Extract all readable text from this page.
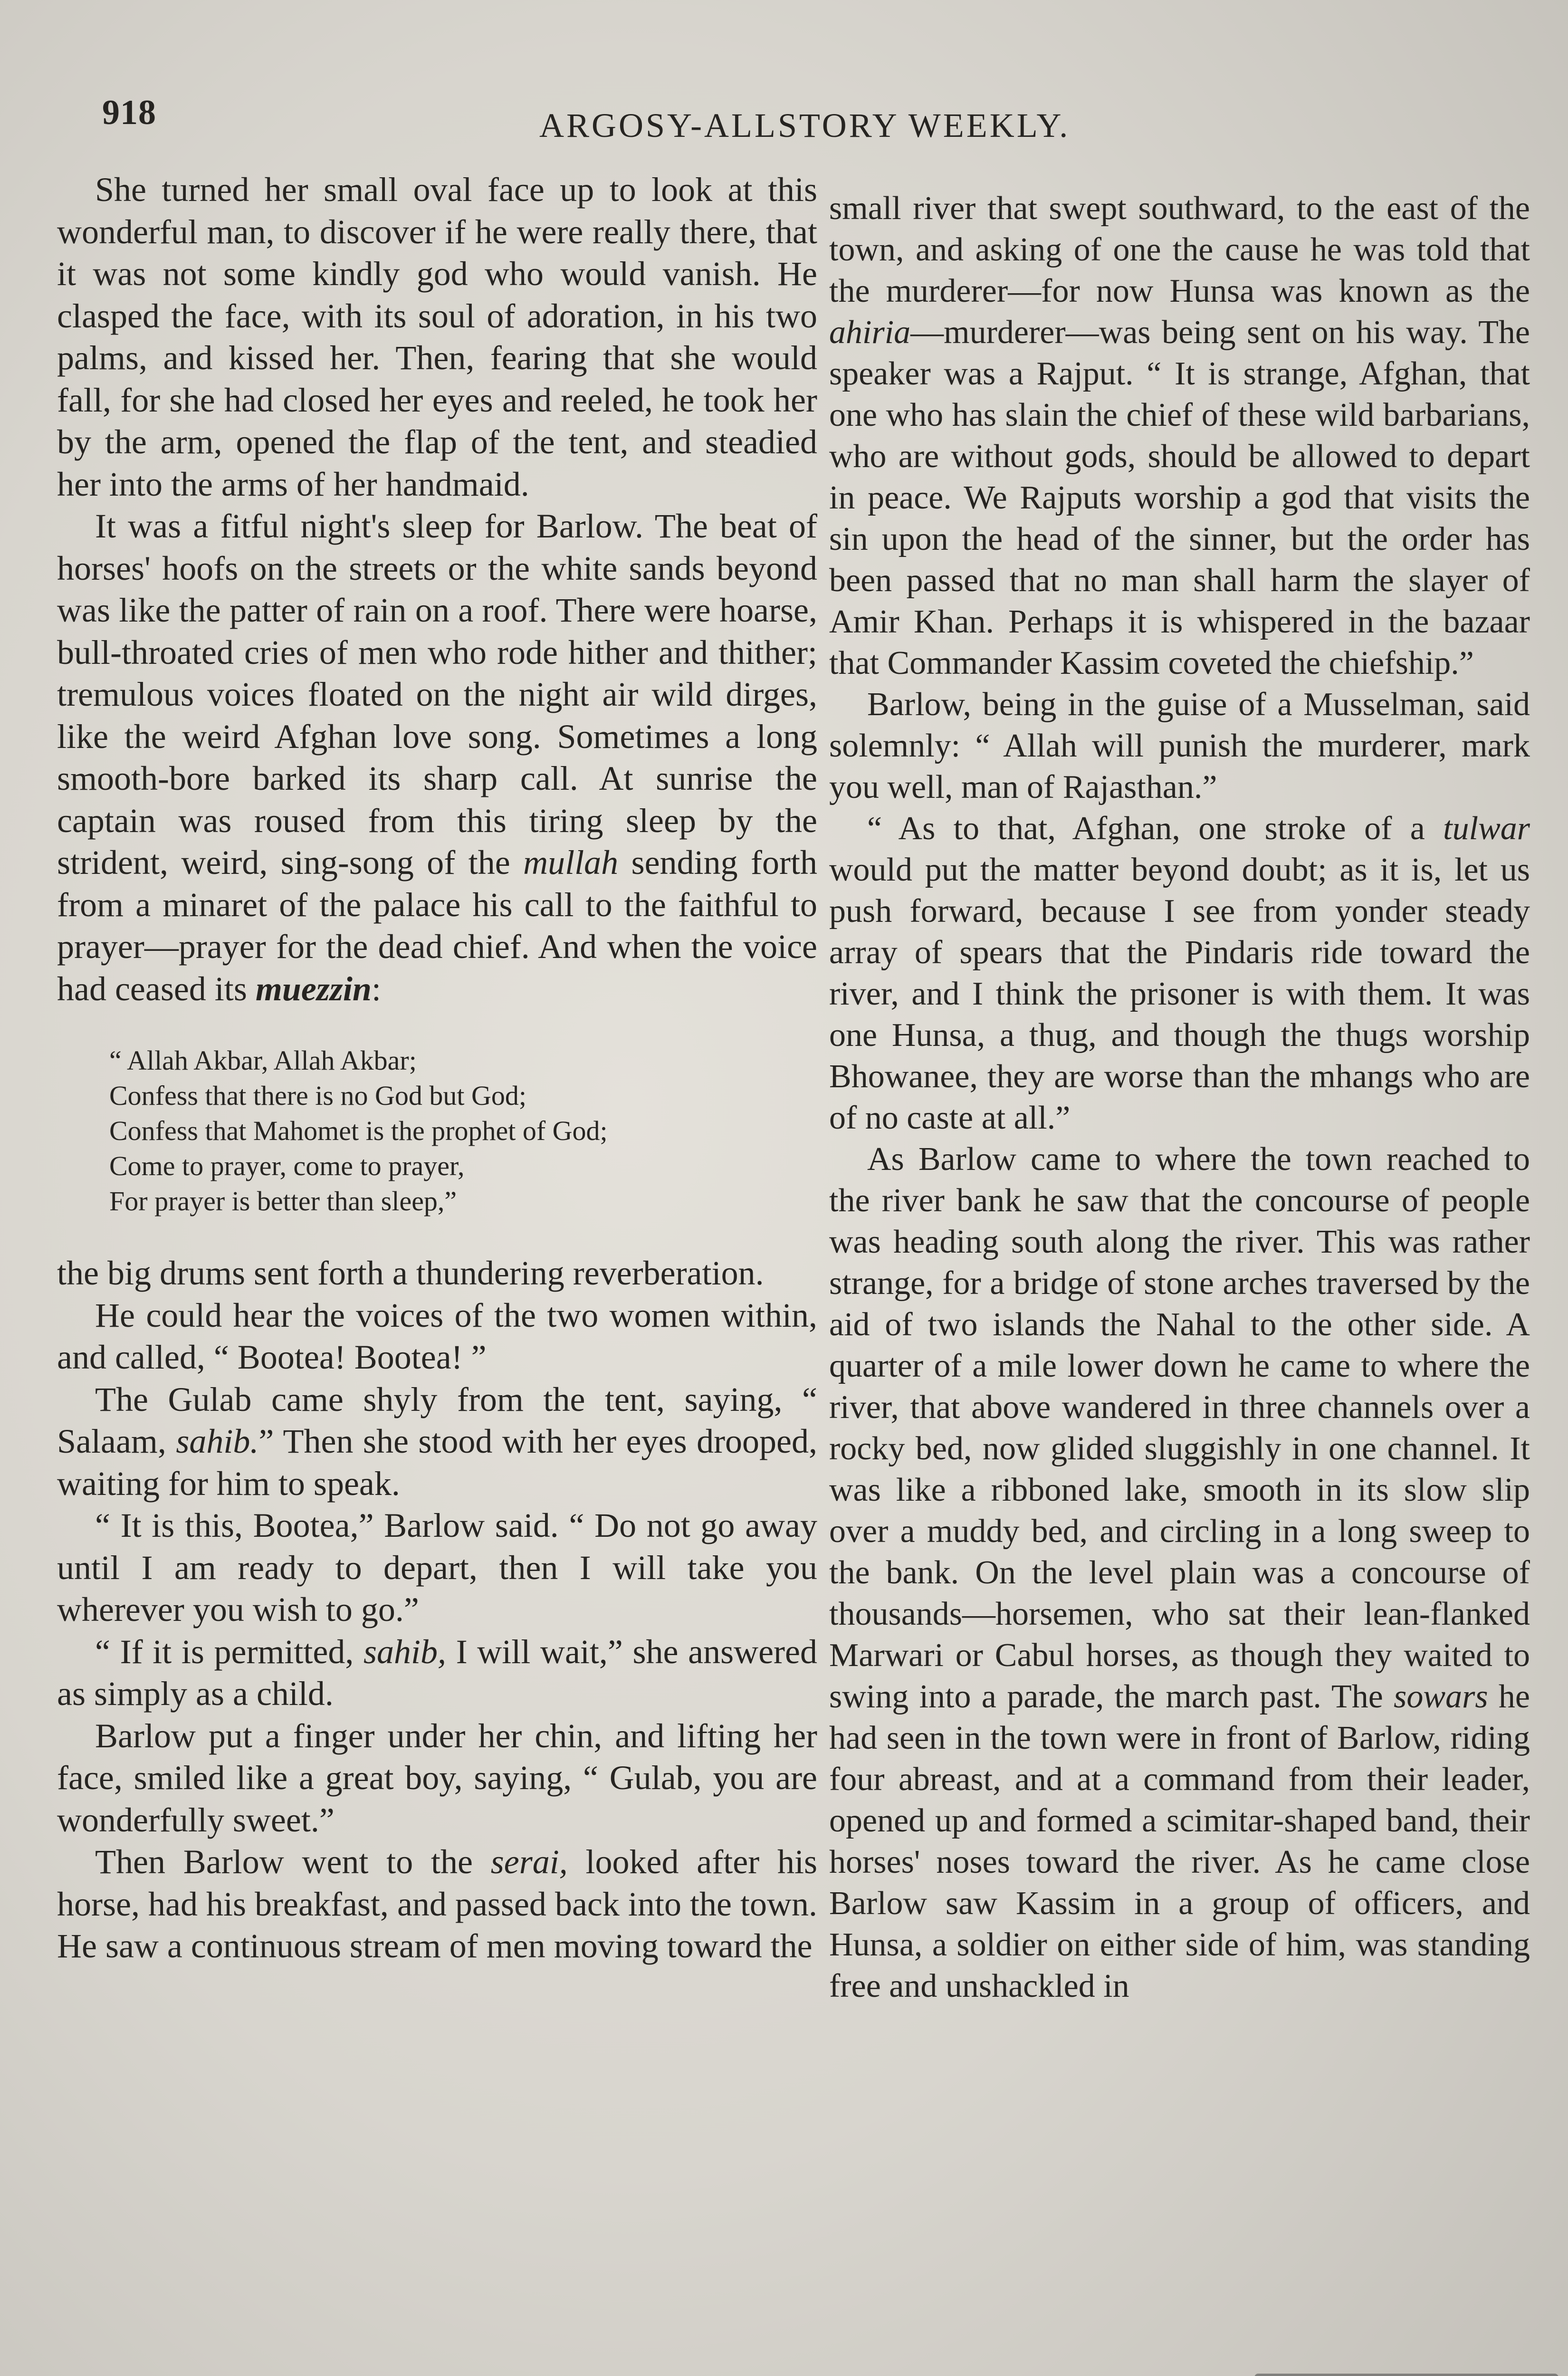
918	ARGOSY-ALLSTORY WEEKLY.

She turned her small oval face up to look at this wonderful man, to discover if he were really there, that it was not some kindly god who would vanish. He clasped the face, with its soul of adoration, in his two palms, and kissed her. Then, fearing that she would fall, for she had closed her eyes and reeled, he took her by the arm, opened the flap of the tent, and steadied her into the arms of her handmaid.

It was a fitful night's sleep for Barlow. The beat of horses' hoofs on the streets or the white sands beyond was like the patter of rain on a roof. There were hoarse, bull-throated cries of men who rode hither and thither; tremulous voices floated on the night air wild dirges, like the weird Afghan love song. Sometimes a long smooth-bore barked its sharp call. At sunrise the captain was roused from this tiring sleep by the strident, weird, sing-song of the mullah sending forth from a minaret of the palace his call to the faithful to prayer—prayer for the dead chief. And when the voice had ceased its muezzin:

“ Allah Akbar, Allah Akbar;
Confess that there is no God but God;
Confess that Mahomet is the prophet of God;
Come to prayer, come to prayer,
For prayer is better than sleep,”

the big drums sent forth a thundering reverberation.

He could hear the voices of the two women within, and called, “ Bootea! Bootea! ”

The Gulab came shyly from the tent, saying, “ Salaam, sahib.” Then she stood with her eyes drooped, waiting for him to speak.

“ It is this, Bootea,” Barlow said. “ Do not go away until I am ready to depart, then I will take you wherever you wish to go.”

“ If it is permitted, sahib, I will wait,” she answered as simply as a child.

Barlow put a finger under her chin, and lifting her face, smiled like a great boy, saying, “ Gulab, you are wonderfully sweet.”

Then Barlow went to the serai, looked after his horse, had his breakfast, and passed back into the town. He saw a continuous stream of men moving toward the

small river that swept southward, to the east of the town, and asking of one the cause he was told that the murderer—for now Hunsa was known as the ahiria—murderer—was being sent on his way. The speaker was a Rajput. “ It is strange, Afghan, that one who has slain the chief of these wild barbarians, who are without gods, should be allowed to depart in peace. We Rajputs worship a god that visits the sin upon the head of the sinner, but the order has been passed that no man shall harm the slayer of Amir Khan. Perhaps it is whispered in the bazaar that Commander Kassim coveted the chiefship.”

Barlow, being in the guise of a Musselman, said solemnly: “ Allah will punish the murderer, mark you well, man of Rajasthan.”

“ As to that, Afghan, one stroke of a tulwar would put the matter beyond doubt; as it is, let us push forward, because I see from yonder steady array of spears that the Pindaris ride toward the river, and I think the prisoner is with them. It was one Hunsa, a thug, and though the thugs worship Bhowanee, they are worse than the mhangs who are of no caste at all.”

As Barlow came to where the town reached to the river bank he saw that the concourse of people was heading south along the river. This was rather strange, for a bridge of stone arches traversed by the aid of two islands the Nahal to the other side. A quarter of a mile lower down he came to where the river, that above wandered in three channels over a rocky bed, now glided sluggishly in one channel. It was like a ribboned lake, smooth in its slow slip over a muddy bed, and circling in a long sweep to the bank. On the level plain was a concourse of thousands—horsemen, who sat their lean-flanked Marwari or Cabul horses, as though they waited to swing into a parade, the march past. The sowars he had seen in the town were in front of Barlow, riding four abreast, and at a command from their leader, opened up and formed a scimitar-shaped band, their horses' noses toward the river. As he came close Barlow saw Kassim in a group of officers, and Hunsa, a soldier on either side of him, was standing free and unshackled in
